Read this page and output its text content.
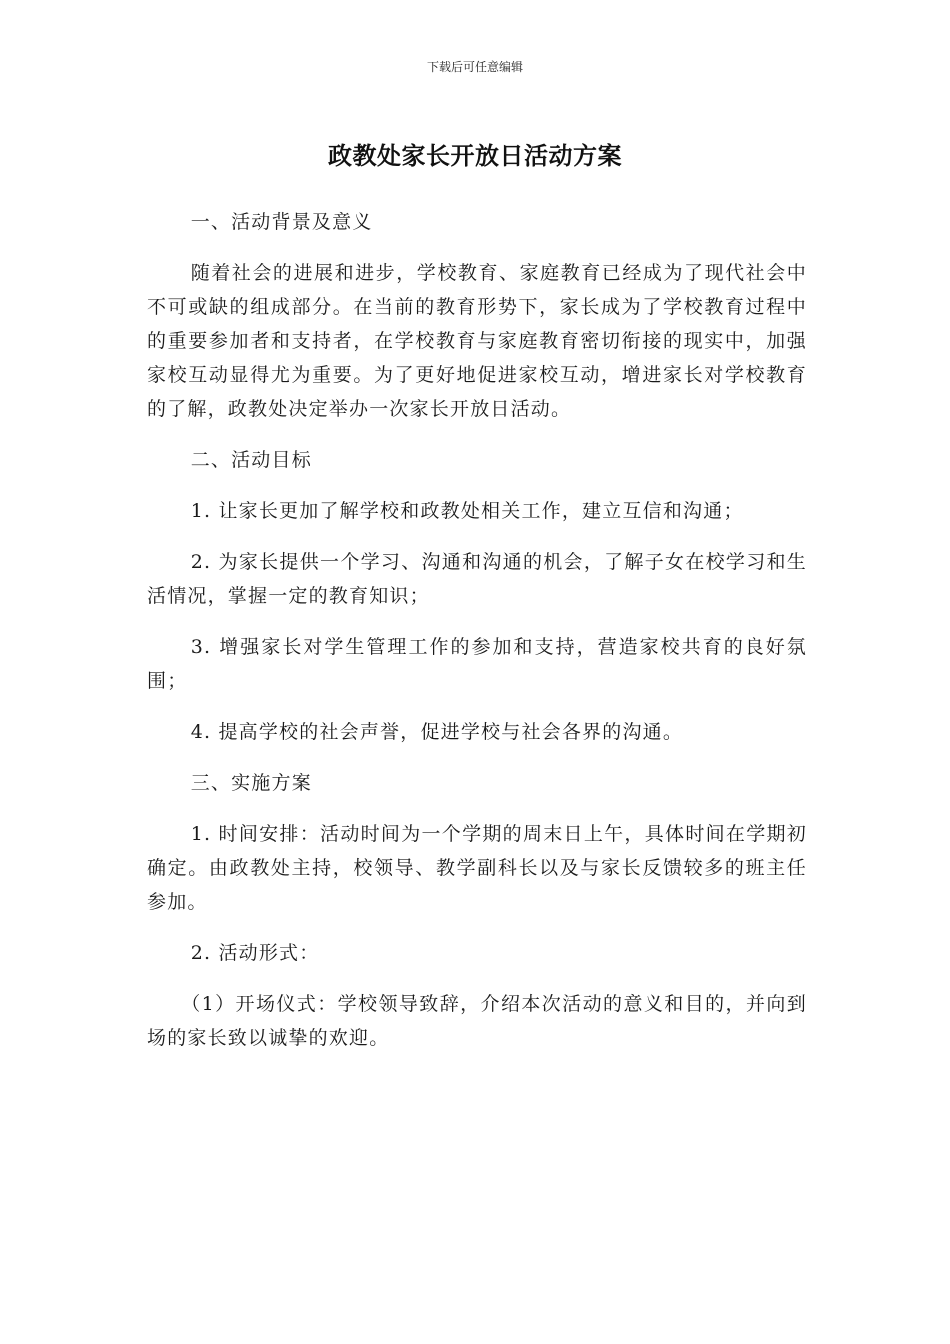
下载后可任意编辑
政教处家长开放日活动方案

一、活动背景及意义

随着社会的进展和进步，学校教育、家庭教育已经成为了现代社会中不可或缺的组成部分。在当前的教育形势下，家长成为了学校教育过程中的重要参加者和支持者，在学校教育与家庭教育密切衔接的现实中，加强家校互动显得尤为重要。为了更好地促进家校互动，增进家长对学校教育的了解，政教处决定举办一次家长开放日活动。

二、活动目标

1. 让家长更加了解学校和政教处相关工作，建立互信和沟通；

2. 为家长提供一个学习、沟通和沟通的机会，了解子女在校学习和生活情况，掌握一定的教育知识；

3. 增强家长对学生管理工作的参加和支持，营造家校共育的良好氛围；

4. 提高学校的社会声誉，促进学校与社会各界的沟通。

三、实施方案

1. 时间安排：活动时间为一个学期的周末日上午，具体时间在学期初确定。由政教处主持，校领导、教学副科长以及与家长反馈较多的班主任参加。

2. 活动形式：

（1）开场仪式：学校领导致辞，介绍本次活动的意义和目的，并向到场的家长致以诚挚的欢迎。
